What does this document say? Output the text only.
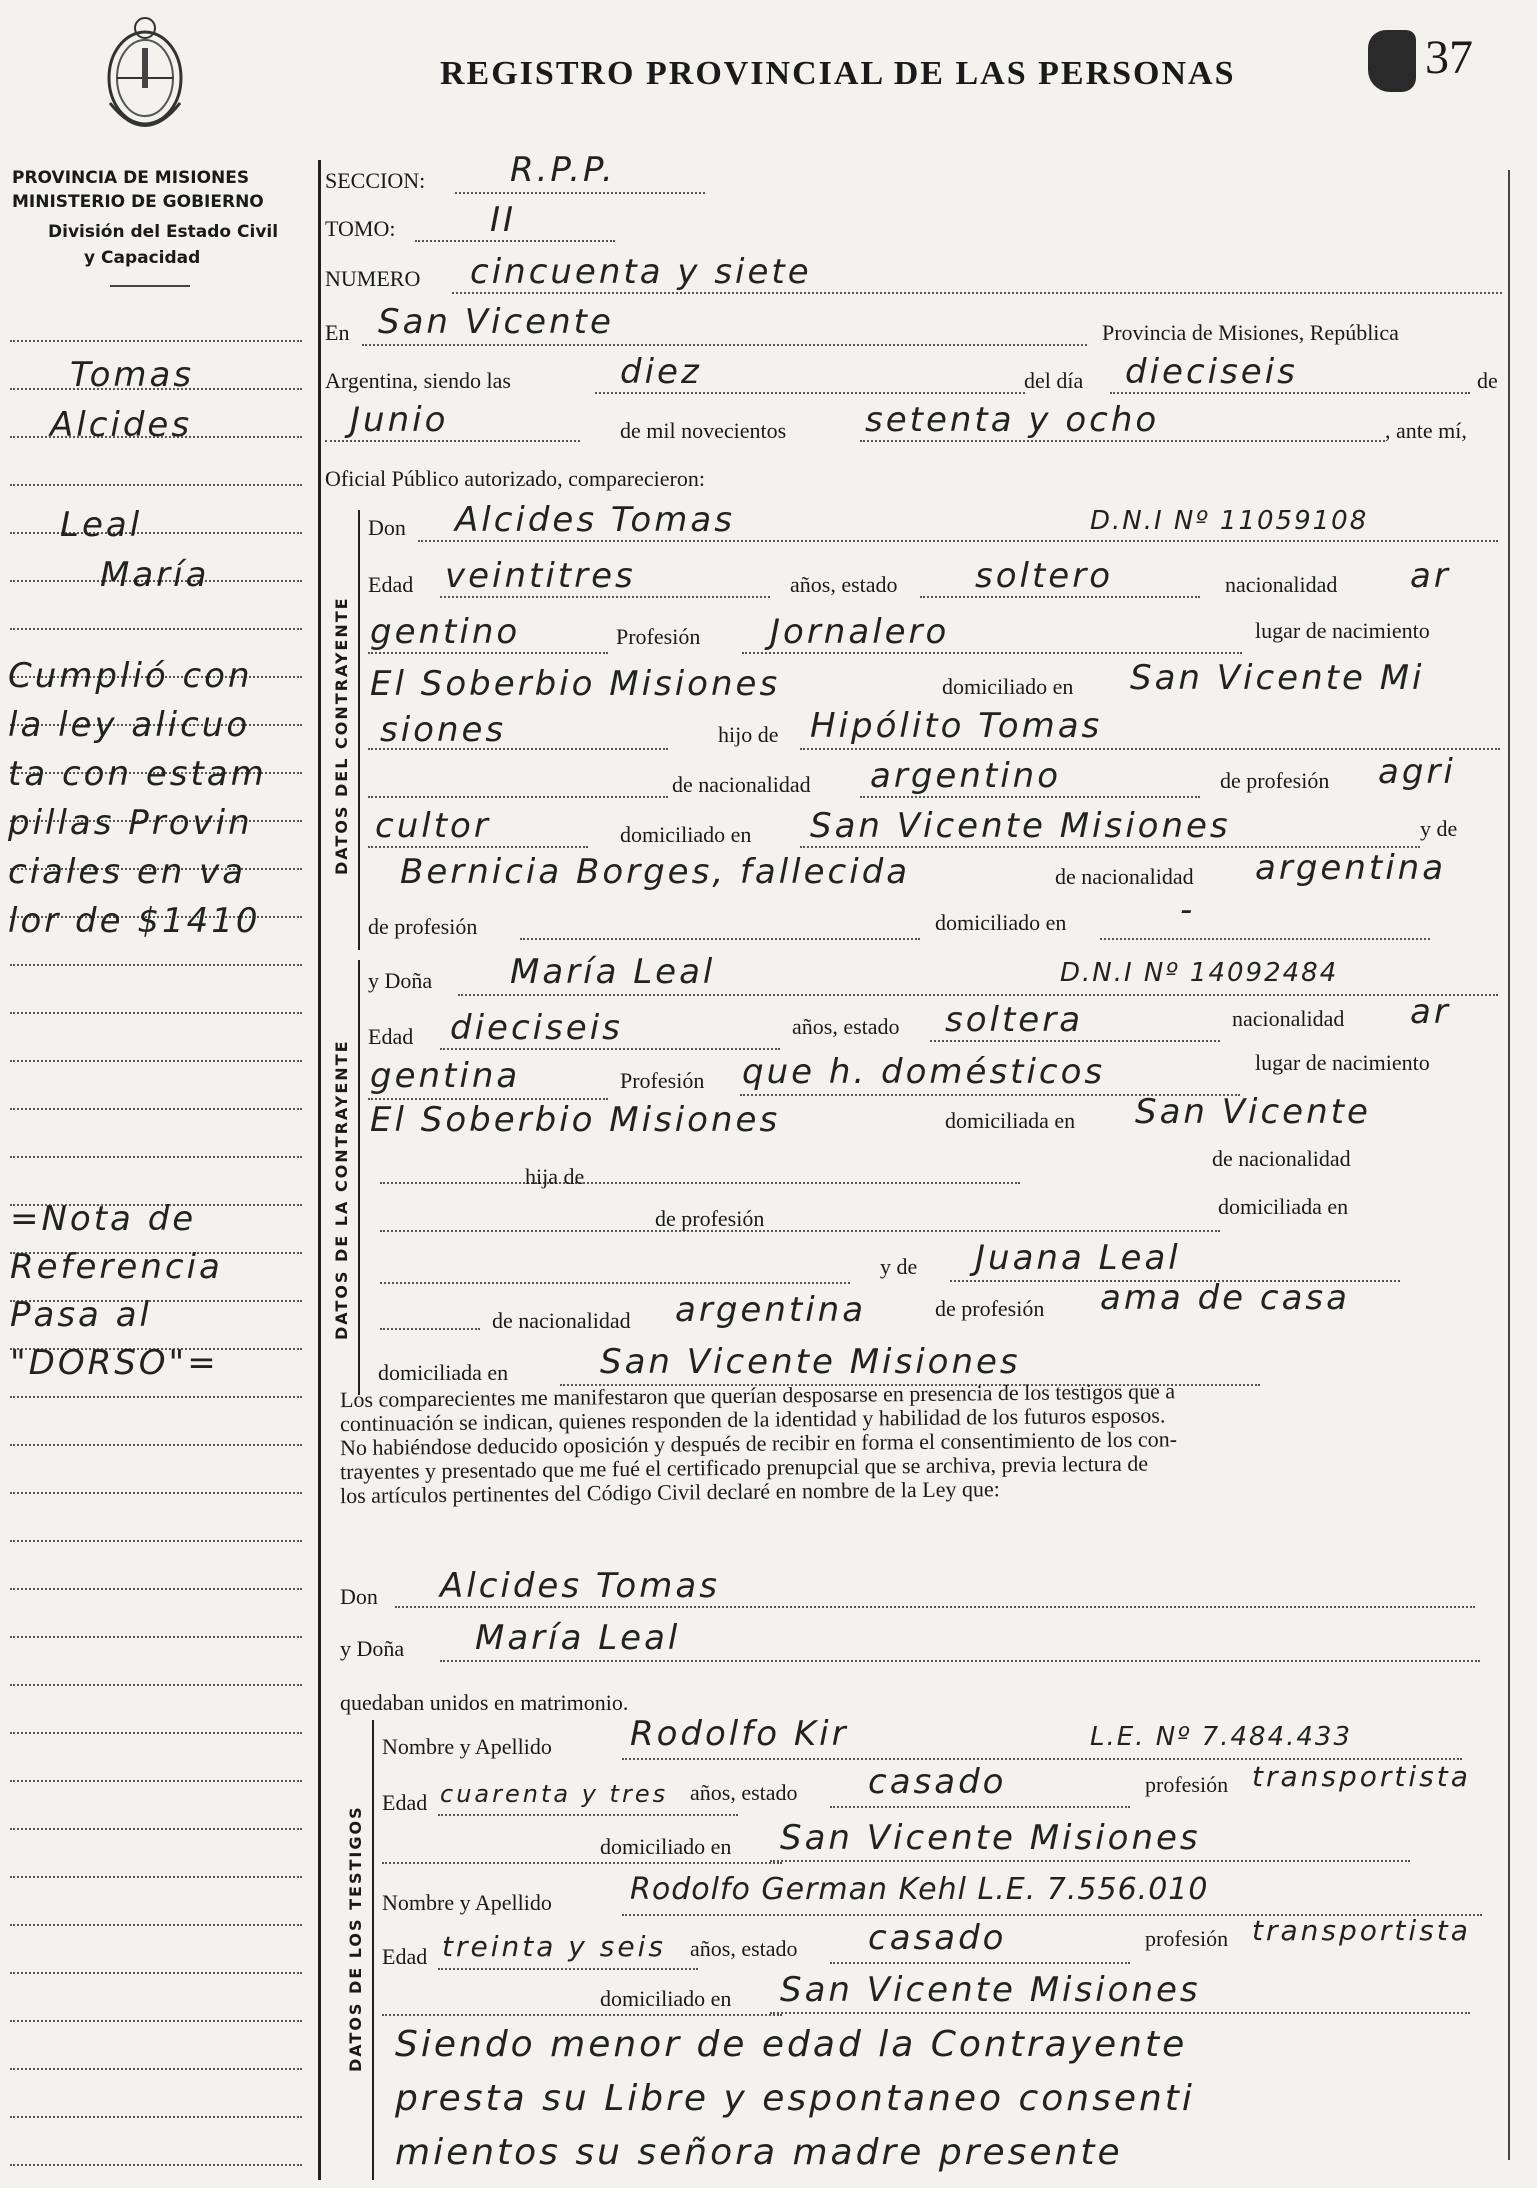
REGISTRO PROVINCIAL DE LAS PERSONAS	37
PROVINCIA DE MISIONES
MINISTERIO DE GOBIERNO
División del Estado Civil
y Capacidad
Tomas
Alcides
Leal
María
Cumplió con
la ley alicuo
ta con estam
pillas Provin
ciales en va
lor de $1410
=Nota de
Referencia
Pasa al
"DORSO"=
SECCION: R.P.P.
TOMO:	II
NUMERO cincuenta y siete
En San Vicente	Provincia de Misiones, República
Argentina, siendo las	diez	del día dieciseis	de
Junio	de mil novecientos setenta y ocho	, ante mí,
Oficial Público autorizado, comparecieron:
DATOS DEL CONTRAYENTE
Don Alcides Tomas	D.N.I Nº 11059108
Edad veintitres	años, estado soltero	nacionalidad ar
gentino	Profesión Jornalero	lugar de nacimiento
El Soberbio Misiones	domiciliado en San Vicente Mi
siones	hijo de Hipólito Tomas
de nacionalidad argentino	de profesión agri
cultor	domiciliado en San Vicente Misiones	y de
Bernicia Borges, fallecida	de nacionalidad argentina
de profesión	domiciliado en	-
DATOS DE LA CONTRAYENTE
y Doña María Leal	D.N.I Nº 14092484
Edad dieciseis	años, estado soltera	nacionalidad ar
gentina	Profesión que h. domésticos	lugar de nacimiento
El Soberbio Misiones	domiciliada en San Vicente
hija de
de nacionalidad
de profesión	domiciliada en
y de Juana Leal
de nacionalidad argentina	de profesión ama de casa
domiciliada en	San Vicente Misiones
Los comparecientes me manifestaron que querían desposarse en presencia de los testigos que a
continuación se indican, quienes responden de la identidad y habilidad de los futuros esposos.
No habiéndose deducido oposición y después de recibir en forma el consentimiento de los con-
trayentes y presentado que me fué el certificado prenupcial que se archiva, previa lectura de
los artículos pertinentes del Código Civil declaré en nombre de la Ley que:
Don Alcides Tomas
y Doña María Leal
quedaban unidos en matrimonio.
DATOS DE LOS TESTIGOS
Nombre y Apellido Rodolfo Kir	L.E. Nº 7.484.433
Edad cuarenta y tres años, estado casado	profesión transportista
domiciliado en San Vicente Misiones
Nombre y Apellido	Rodolfo German Kehl L.E. 7.556.010
Edad treinta y seis años, estado casado	profesión transportista
domiciliado en San Vicente Misiones
Siendo menor de edad la Contrayente
presta su Libre y espontaneo consenti
mientos su señora madre presente
